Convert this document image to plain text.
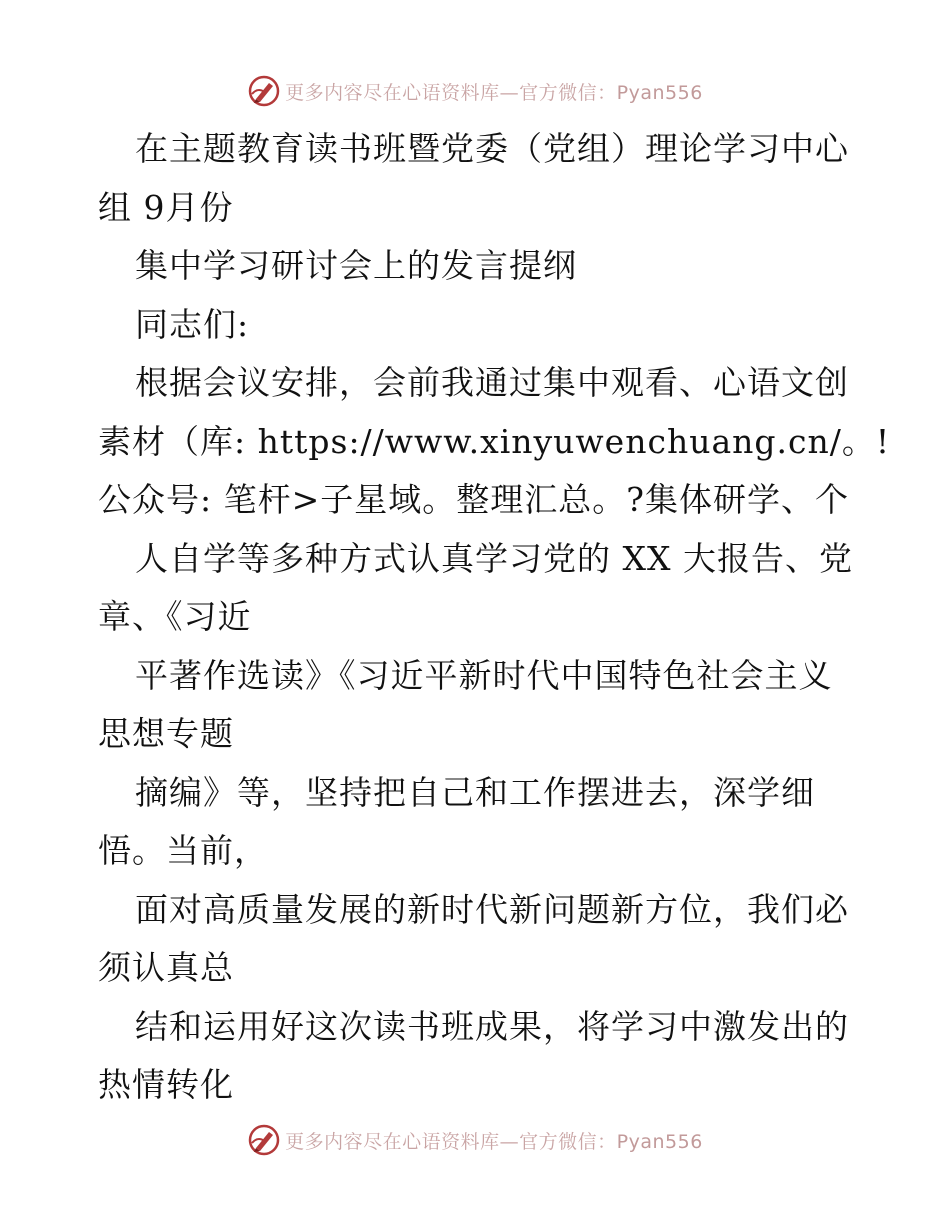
更多内容尽在心语资料库—官方微信：Pyan556
在主题教育读书班暨党委（党组）理论学习中心
组 9月份
集中学习研讨会上的发言提纲
同志们:
根据会议安排，会前我通过集中观看、心语文创
素材（库: https://www.xinyuwenchuang.cn/。!
公众号: 笔杆>子星域。整理汇总。?集体研学、个
人自学等多种方式认真学习党的 XX 大报告、党
章、《习近
平著作选读》《习近平新时代中国特色社会主义
思想专题
摘编》等，坚持把自己和工作摆进去，深学细
悟。当前，
面对高质量发展的新时代新问题新方位，我们必
须认真总
结和运用好这次读书班成果，将学习中激发出的
热情转化
更多内容尽在心语资料库—官方微信：Pyan556
